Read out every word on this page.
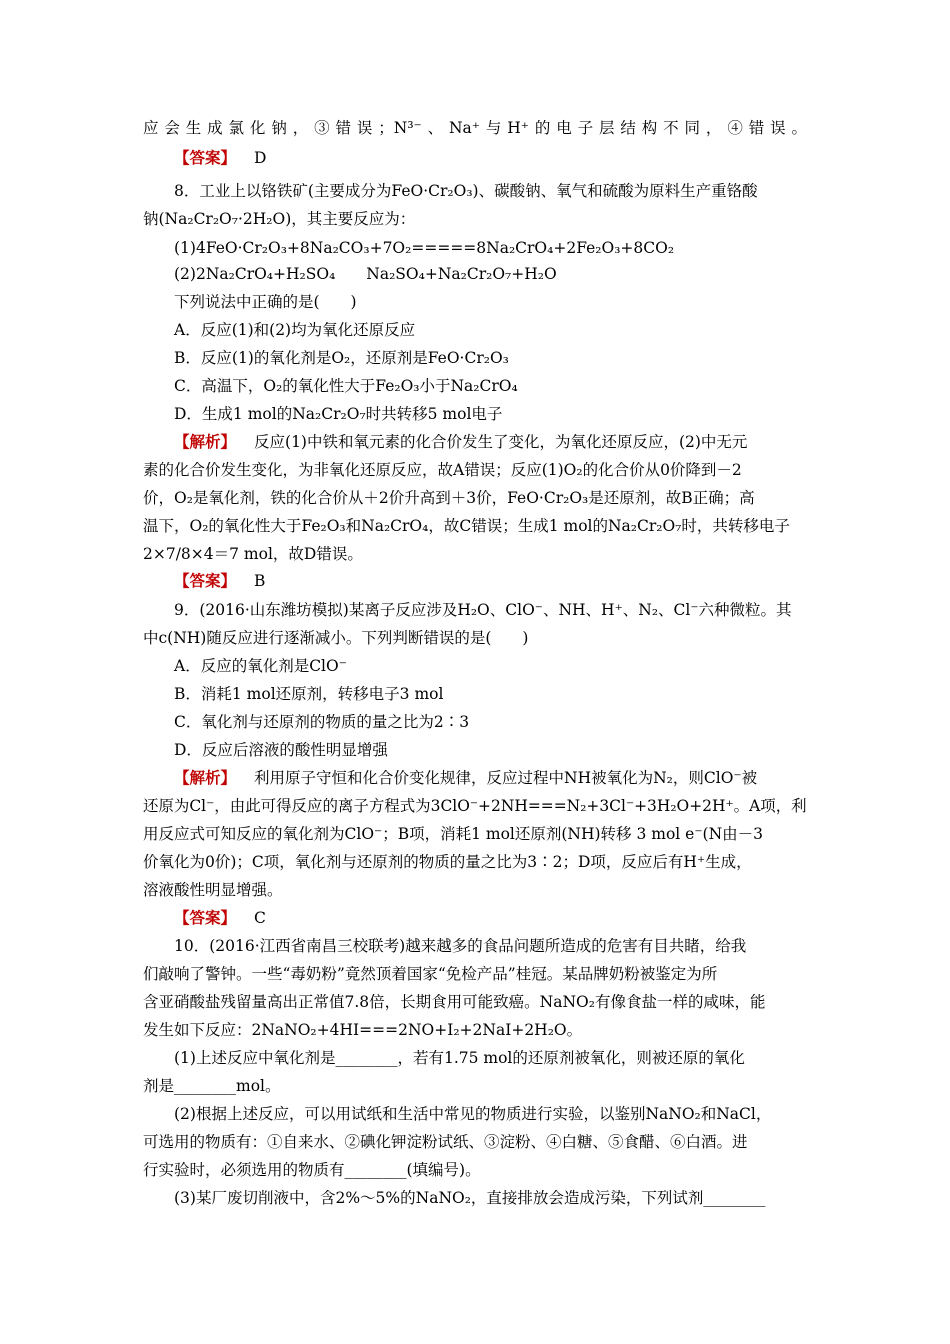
应会生成氯化钠，③错误；N³⁻、Na⁺与H⁺的电子层结构不同，④错误。
【答案】 D
8．工业上以铬铁矿(主要成分为FeO·Cr₂O₃)、碳酸钠、氧气和硫酸为原料生产重铬酸
钠(Na₂Cr₂O₇·2H₂O)，其主要反应为：
(1)4FeO·Cr₂O₃+8Na₂CO₃+7O₂=====8Na₂CrO₄+2Fe₂O₃+8CO₂
(2)2Na₂CrO₄+H₂SO₄　　Na₂SO₄+Na₂Cr₂O₇+H₂O
下列说法中正确的是(　　)
A．反应(1)和(2)均为氧化还原反应
B．反应(1)的氧化剂是O₂，还原剂是FeO·Cr₂O₃
C．高温下，O₂的氧化性大于Fe₂O₃小于Na₂CrO₄
D．生成1 mol的Na₂Cr₂O₇时共转移5 mol电子
【解析】 反应(1)中铁和氧元素的化合价发生了变化，为氧化还原反应，(2)中无元
素的化合价发生变化，为非氧化还原反应，故A错误；反应(1)O₂的化合价从0价降到－2
价，O₂是氧化剂，铁的化合价从＋2价升高到＋3价，FeO·Cr₂O₃是还原剂，故B正确；高
温下，O₂的氧化性大于Fe₂O₃和Na₂CrO₄，故C错误；生成1 mol的Na₂Cr₂O₇时，共转移电子
2×7/8×4＝7 mol，故D错误。
【答案】 B
9．(2016·山东潍坊模拟)某离子反应涉及H₂O、ClO⁻、NH、H⁺、N₂、Cl⁻六种微粒。其
中c(NH)随反应进行逐渐减小。下列判断错误的是(　　)
A．反应的氧化剂是ClO⁻
B．消耗1 mol还原剂，转移电子3 mol
C．氧化剂与还原剂的物质的量之比为2∶3
D．反应后溶液的酸性明显增强
【解析】 利用原子守恒和化合价变化规律，反应过程中NH被氧化为N₂，则ClO⁻被
还原为Cl⁻，由此可得反应的离子方程式为3ClO⁻+2NH===N₂+3Cl⁻+3H₂O+2H⁺。A项，利
用反应式可知反应的氧化剂为ClO⁻；B项，消耗1 mol还原剂(NH)转移 3 mol e⁻(N由－3
价氧化为0价)；C项，氧化剂与还原剂的物质的量之比为3∶2；D项，反应后有H⁺生成，
溶液酸性明显增强。
【答案】 C
10．(2016·江西省南昌三校联考)越来越多的食品问题所造成的危害有目共睹，给我
们敲响了警钟。一些“毒奶粉”竟然顶着国家“免检产品”桂冠。某品牌奶粉被鉴定为所
含亚硝酸盐残留量高出正常值7.8倍，长期食用可能致癌。NaNO₂有像食盐一样的咸味，能
发生如下反应：2NaNO₂+4HI===2NO+I₂+2NaI+2H₂O。
(1)上述反应中氧化剂是________，若有1.75 mol的还原剂被氧化，则被还原的氧化
剂是________mol。
(2)根据上述反应，可以用试纸和生活中常见的物质进行实验，以鉴别NaNO₂和NaCl，
可选用的物质有：①自来水、②碘化钾淀粉试纸、③淀粉、④白糖、⑤食醋、⑥白酒。进
行实验时，必须选用的物质有________(填编号)。
(3)某厂废切削液中，含2%～5%的NaNO₂，直接排放会造成污染，下列试剂________
